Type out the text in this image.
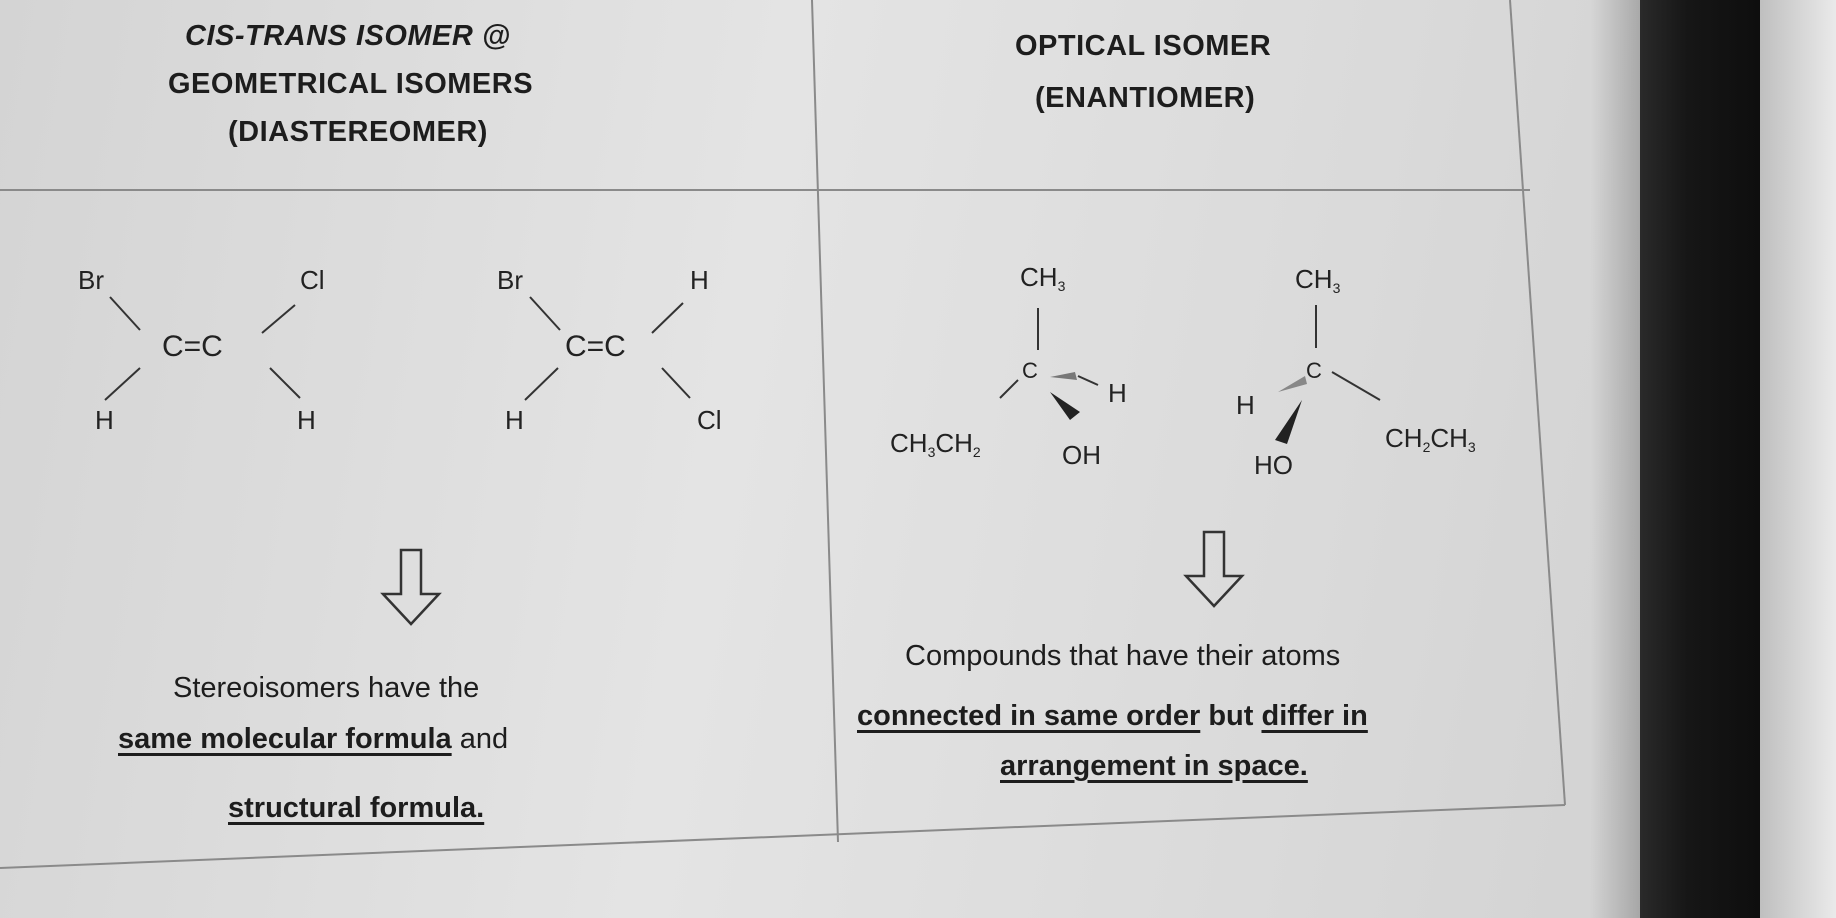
CIS-TRANS ISOMER @
GEOMETRICAL ISOMERS
(DIASTEREOMER)
OPTICAL ISOMER
(ENANTIOMER)
Br	Cl
C=C
H	H
Br	H
C=C
H	Cl
$CH_3$
C
H
$CH_3CH_2$	OH
$CH_3$
C
H
HO
$CH_2CH_3$
Stereoisomers have the
same molecular formula and
structural formula.
Compounds that have their atoms
connected in same order but differ in
arrangement in space.
